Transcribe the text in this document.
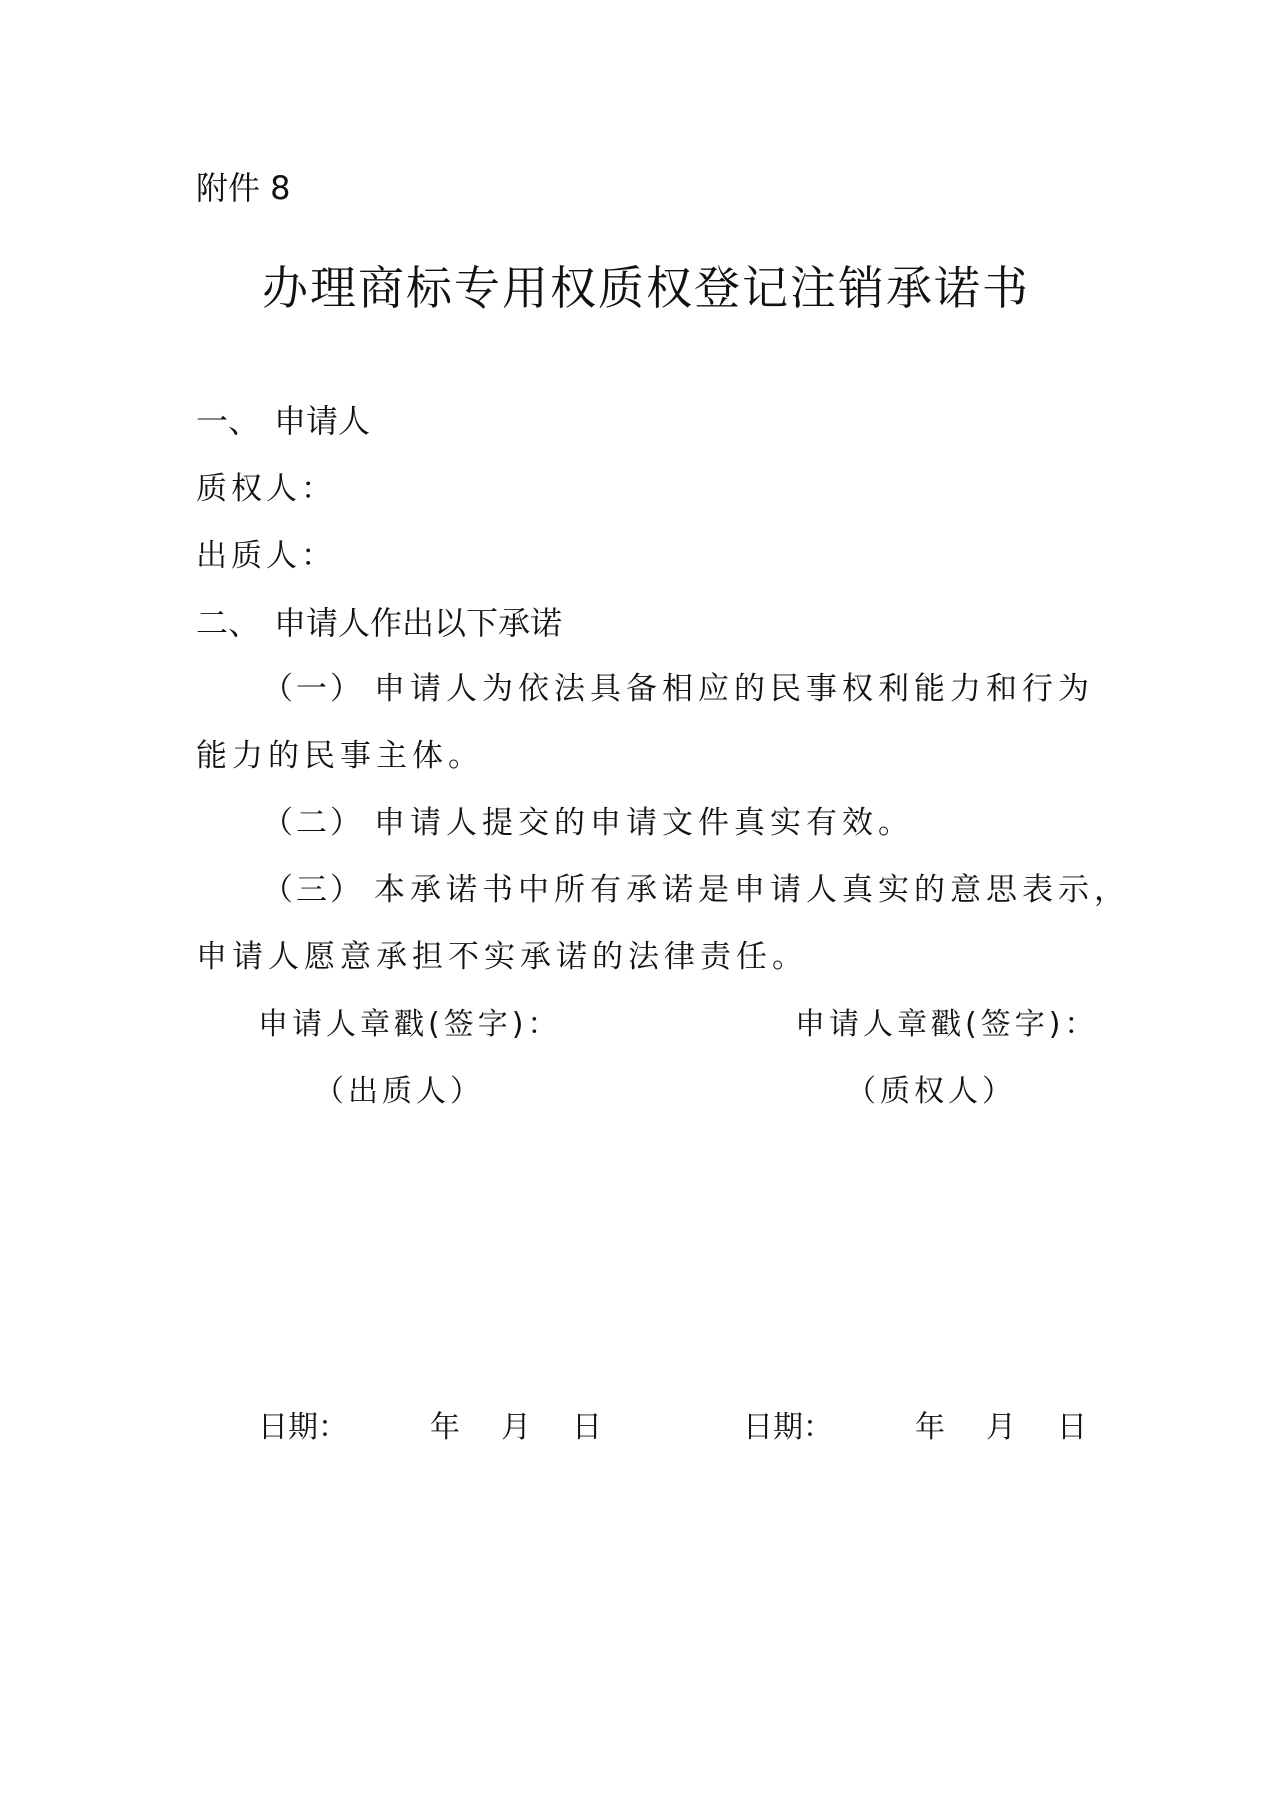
附件 8
办理商标专用权质权登记注销承诺书
一、 申请人
质权人：
出质人：
二、 申请人作出以下承诺
（一） 申请人为依法具备相应的民事权利能力和行为
能力的民事主体。
（二） 申请人提交的申请文件真实有效。
（三） 本承诺书中所有承诺是申请人真实的意思表示，
申请人愿意承担不实承诺的法律责任。
申请人章戳(签字)：
（出质人）
申请人章戳(签字)：
（质权人）
日期：	年 月 日	日期：	年 月 日
